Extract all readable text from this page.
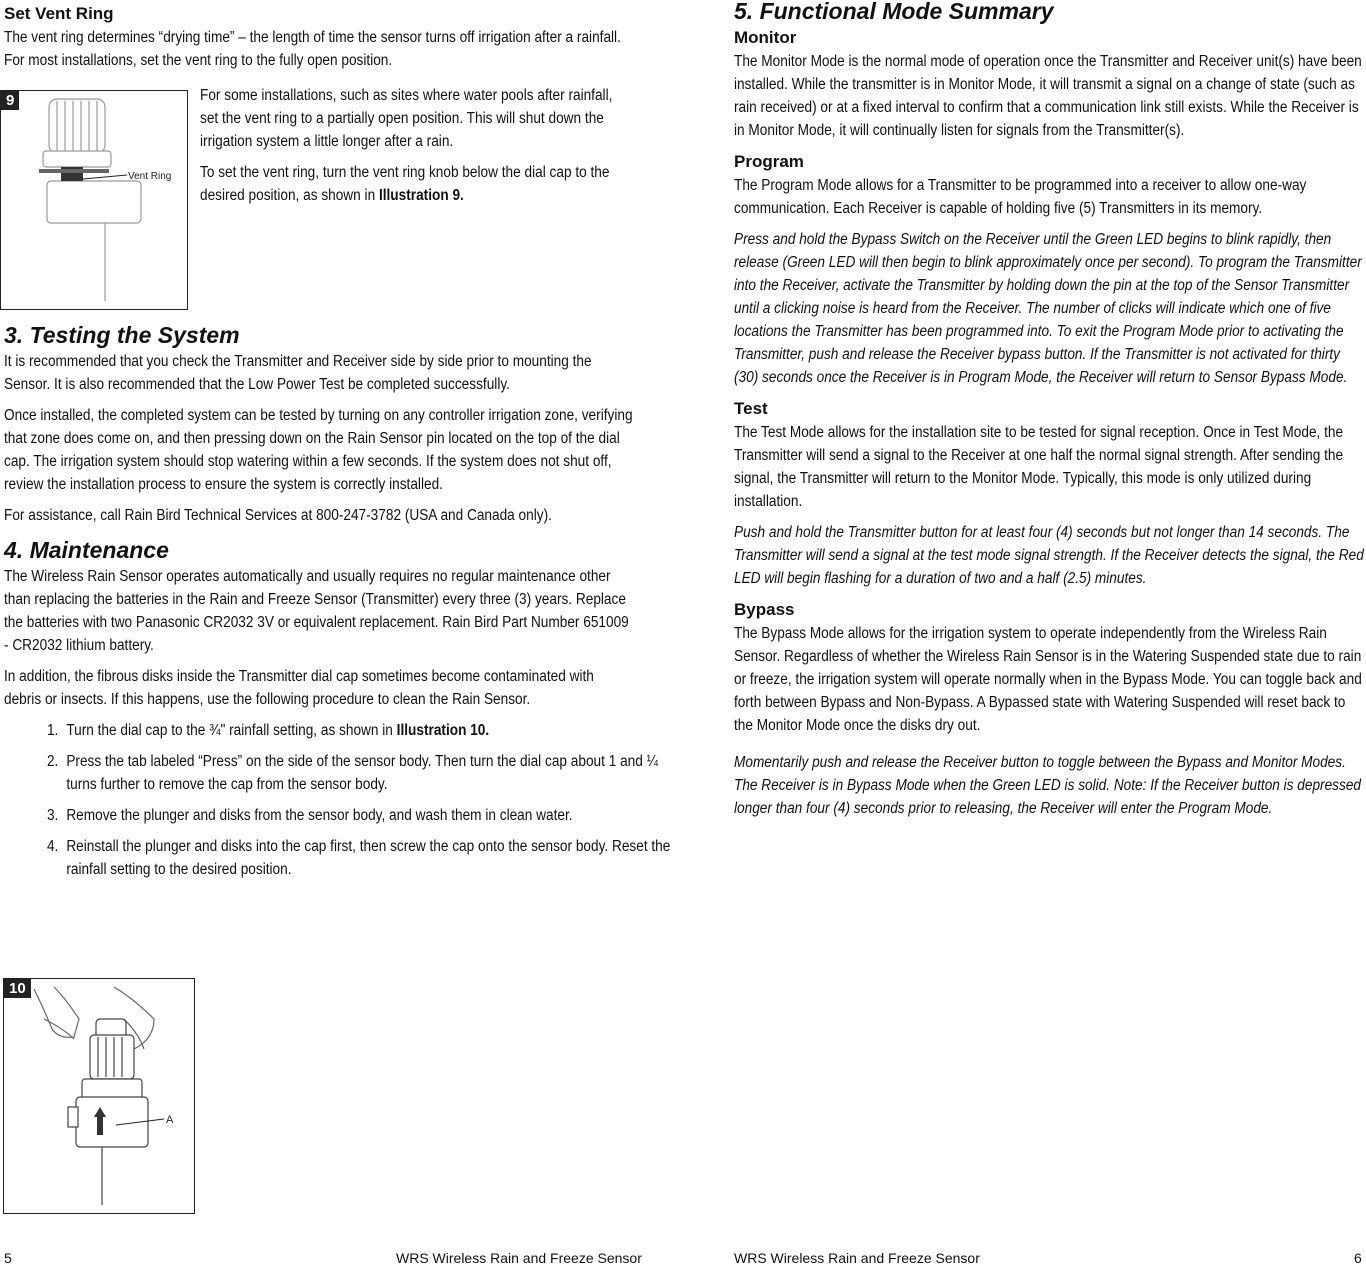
Set Vent Ring

The vent ring determines “drying time” – the length of time the sensor turns off irrigation after a rainfall. For most installations, set the vent ring to the fully open position.

9
Vent Ring

For some installations, such as sites where water pools after rainfall, set the vent ring to a partially open position. This will shut down the irrigation system a little longer after a rain.

To set the vent ring, turn the vent ring knob below the dial cap to the desired position, as shown in Illustration 9.

3. Testing the System

It is recommended that you check the Transmitter and Receiver side by side prior to mounting the Sensor. It is also recommended that the Low Power Test be completed successfully.

Once installed, the completed system can be tested by turning on any controller irrigation zone, verifying that zone does come on, and then pressing down on the Rain Sensor pin located on the top of the dial cap. The irrigation system should stop watering within a few seconds. If the system does not shut off, review the installation process to ensure the system is correctly installed.

For assistance, call Rain Bird Technical Services at 800-247-3782 (USA and Canada only).

4. Maintenance

The Wireless Rain Sensor operates automatically and usually requires no regular maintenance other than replacing the batteries in the Rain and Freeze Sensor (Transmitter) every three (3) years. Replace the batteries with two Panasonic CR2032 3V or equivalent replacement. Rain Bird Part Number 651009 - CR2032 lithium battery.

In addition, the fibrous disks inside the Transmitter dial cap sometimes become contaminated with debris or insects. If this happens, use the following procedure to clean the Rain Sensor.

1. Turn the dial cap to the ¾" rainfall setting, as shown in Illustration 10.
2. Press the tab labeled “Press” on the side of the sensor body. Then turn the dial cap about 1 and ¼ turns further to remove the cap from the sensor body.
3. Remove the plunger and disks from the sensor body, and wash them in clean water.
4. Reinstall the plunger and disks into the cap first, then screw the cap onto the sensor body. Reset the rainfall setting to the desired position.
10
A
5	WRS Wireless Rain and Freeze Sensor
5. Functional Mode Summary
Monitor

The Monitor Mode is the normal mode of operation once the Transmitter and Receiver unit(s) have been installed. While the transmitter is in Monitor Mode, it will transmit a signal on a change of state (such as rain received) or at a fixed interval to confirm that a communication link still exists. While the Receiver is in Monitor Mode, it will continually listen for signals from the Transmitter(s).

Program

The Program Mode allows for a Transmitter to be programmed into a receiver to allow one-way communication. Each Receiver is capable of holding five (5) Transmitters in its memory.

Press and hold the Bypass Switch on the Receiver until the Green LED begins to blink rapidly, then release (Green LED will then begin to blink approximately once per second). To program the Transmitter into the Receiver, activate the Transmitter by holding down the pin at the top of the Sensor Transmitter until a clicking noise is heard from the Receiver. The number of clicks will indicate which one of five locations the Transmitter has been programmed into. To exit the Program Mode prior to activating the Transmitter, push and release the Receiver bypass button. If the Transmitter is not activated for thirty (30) seconds once the Receiver is in Program Mode, the Receiver will return to Sensor Bypass Mode.

Test

The Test Mode allows for the installation site to be tested for signal reception. Once in Test Mode, the Transmitter will send a signal to the Receiver at one half the normal signal strength. After sending the signal, the Transmitter will return to the Monitor Mode. Typically, this mode is only utilized during installation.

Push and hold the Transmitter button for at least four (4) seconds but not longer than 14 seconds. The Transmitter will send a signal at the test mode signal strength. If the Receiver detects the signal, the Red LED will begin flashing for a duration of two and a half (2.5) minutes.

Bypass

The Bypass Mode allows for the irrigation system to operate independently from the Wireless Rain Sensor. Regardless of whether the Wireless Rain Sensor is in the Watering Suspended state due to rain or freeze, the irrigation system will operate normally when in the Bypass Mode. You can toggle back and forth between Bypass and Non-Bypass. A Bypassed state with Watering Suspended will reset back to the Monitor Mode once the disks dry out.

Momentarily push and release the Receiver button to toggle between the Bypass and Monitor Modes. The Receiver is in Bypass Mode when the Green LED is solid. Note: If the Receiver button is depressed longer than four (4) seconds prior to releasing, the Receiver will enter the Program Mode.

WRS Wireless Rain and Freeze Sensor	6
